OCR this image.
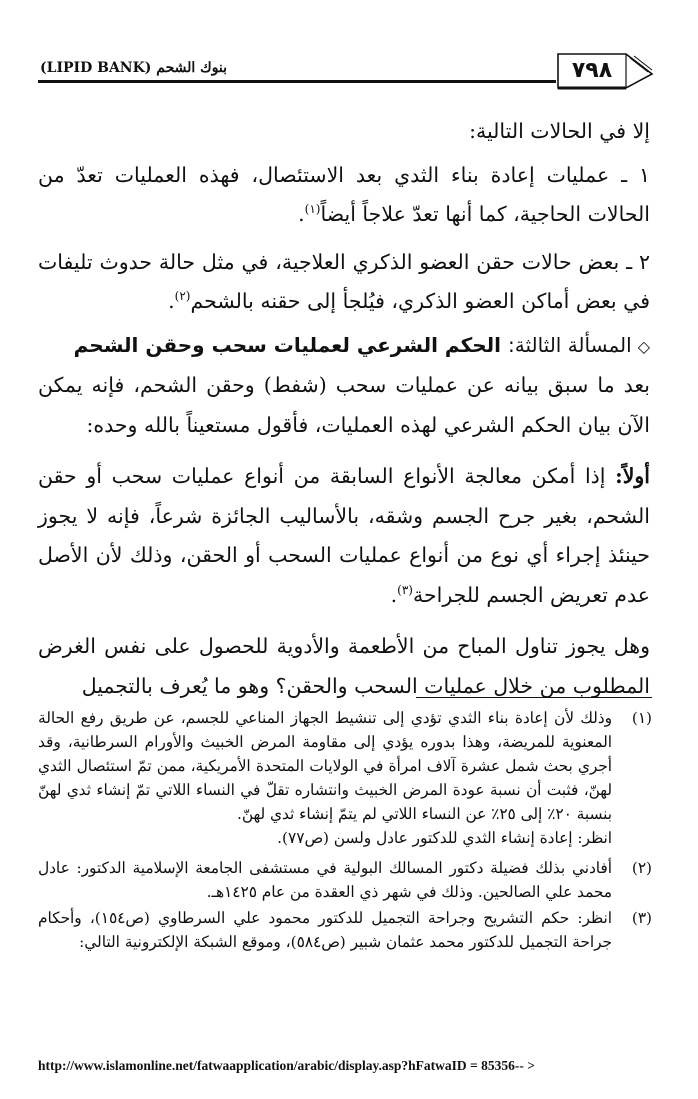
بنوك الشحم (LIPID BANK)	٧٩٨

إلا في الحالات التالية:

١ ـ عمليات إعادة بناء الثدي بعد الاستئصال، فهذه العمليات تعدّ من الحالات الحاجية، كما أنها تعدّ علاجاً أيضاً$^{(١)}$.

٢ ـ بعض حالات حقن العضو الذكري العلاجية، في مثل حالة حدوث تليفات في بعض أماكن العضو الذكري، فيُلجأ إلى حقنه بالشحم$^{(٢)}$.

◇المسألة الثالثة: الحكم الشرعي لعمليات سحب وحقن الشحم

بعد ما سبق بيانه عن عمليات سحب (شفط) وحقن الشحم، فإنه يمكن الآن بيان الحكم الشرعي لهذه العمليات، فأقول مستعيناً بالله وحده:

أولاً: إذا أمكن معالجة الأنواع السابقة من أنواع عمليات سحب أو حقن الشحم، بغير جرح الجسم وشقه، بالأساليب الجائزة شرعاً، فإنه لا يجوز حينئذ إجراء أي نوع من أنواع عمليات السحب أو الحقن، وذلك لأن الأصل عدم تعريض الجسم للجراحة$^{(٣)}$.

وهل يجوز تناول المباح من الأطعمة والأدوية للحصول على نفس الغرض المطلوب من خلال عمليات السحب والحقن؟ وهو ما يُعرف بالتجميل

(١)
وذلك لأن إعادة بناء الثدي تؤدي إلى تنشيط الجهاز المناعي للجسم، عن طريق رفع الحالة المعنوية للمريضة، وهذا بدوره يؤدي إلى مقاومة المرض الخبيث والأورام السرطانية، وقد أجري بحث شمل عشرة آلاف امرأة في الولايات المتحدة الأمريكية، ممن تمّ استئصال الثدي لهنّ، فثبت أن نسبة عودة المرض الخبيث وانتشاره تقلّ في النساء اللاتي تمّ إنشاء ثدي لهنّ بنسبة ٢٠٪ إلى ٢٥٪ عن النساء اللاتي لم يتمّ إنشاء ثدي لهنّ.
انظر: إعادة إنشاء الثدي للدكتور عادل ولسن (ص٧٧).
(٢)
أفادني بذلك فضيلة دكتور المسالك البولية في مستشفى الجامعة الإسلامية الدكتور: عادل محمد علي الصالحين. وذلك في شهر ذي العقدة من عام ١٤٢٥هـ.
(٣)
انظر: حكم التشريح وجراحة التجميل للدكتور محمود علي السرطاوي (ص١٥٤)، وأحكام جراحة التجميل للدكتور محمد عثمان شبير (ص٥٨٤)، وموقع الشبكة الإلكترونية التالي:
http://www.islamonline.net/fatwaapplication/arabic/display.asp?hFatwaID = 85356-- >
